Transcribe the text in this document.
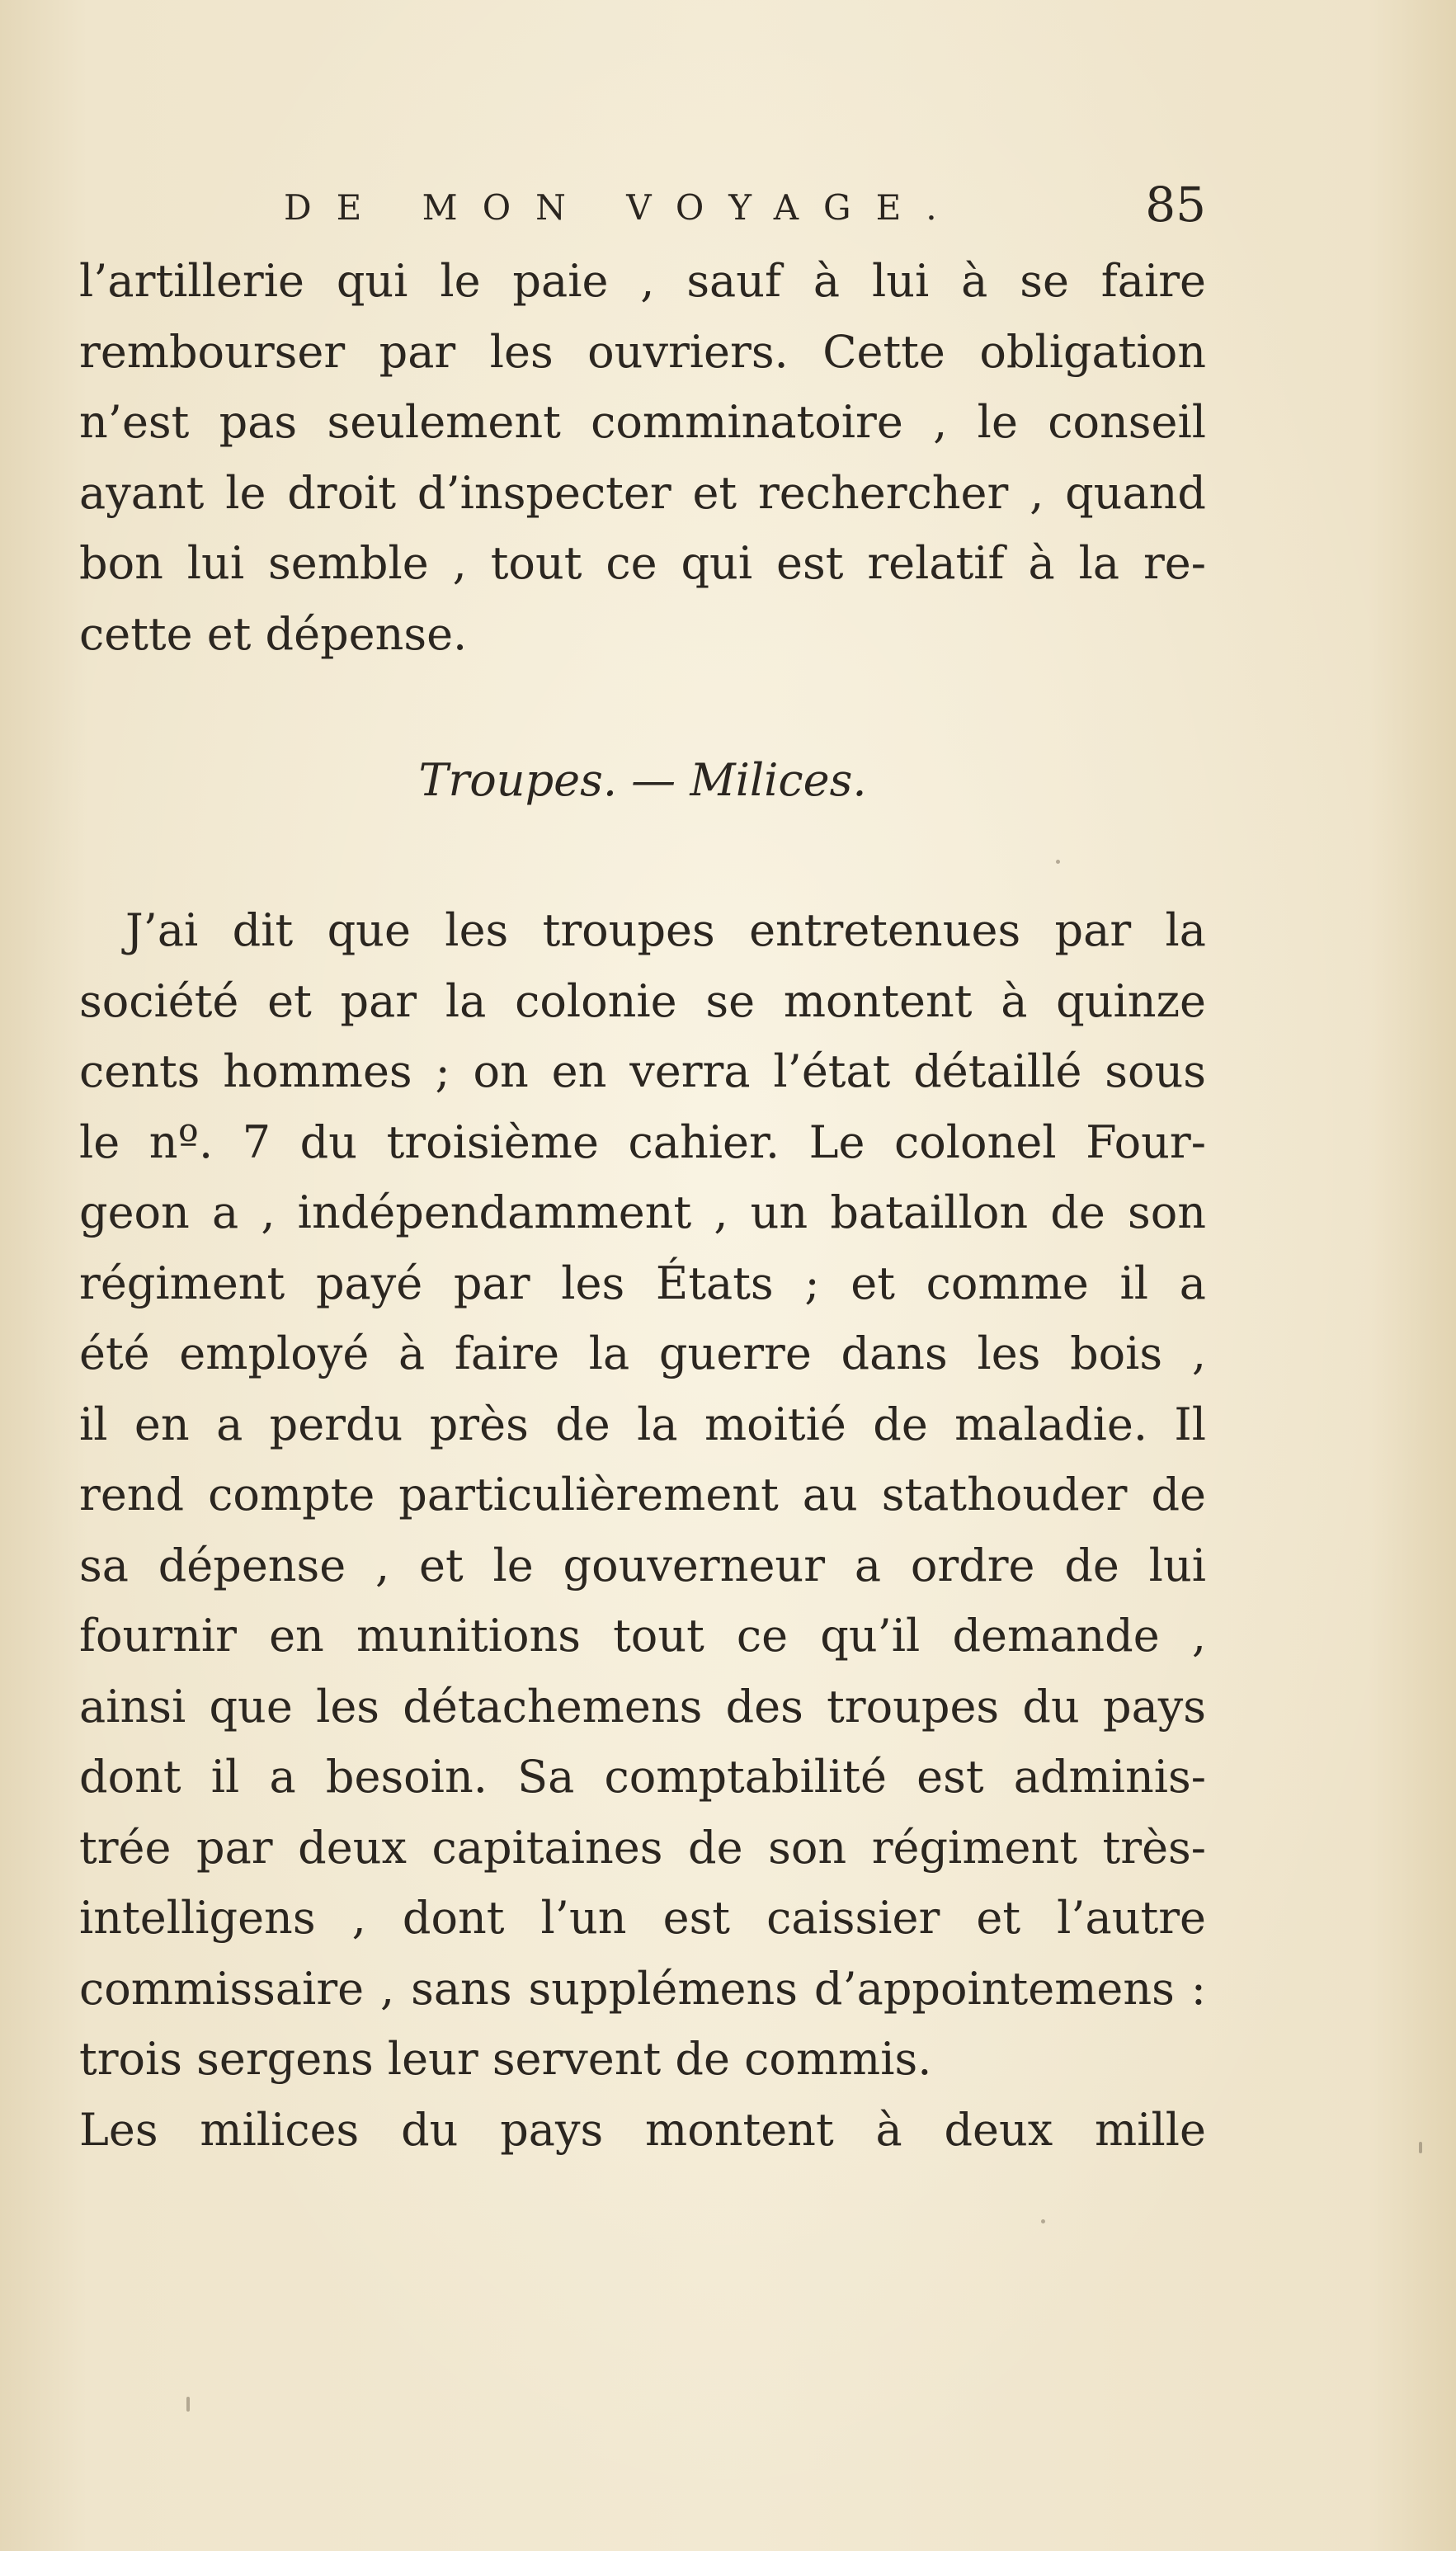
DE MON VOYAGE.	85
l’artillerie qui le paie , sauf à lui à se faire
rembourser par les ouvriers. Cette obligation
n’est pas seulement comminatoire , le conseil
ayant le droit d’inspecter et rechercher , quand
bon lui semble , tout ce qui est relatif à la re-
cette et dépense.
Troupes. — Milices.
J’ai dit que les troupes entretenues par la
société et par la colonie se montent à quinze
cents hommes ; on en verra l’état détaillé sous
le nº. 7 du troisième cahier. Le colonel Four-
geon a , indépendamment , un bataillon de son
régiment payé par les États ; et comme il a
été employé à faire la guerre dans les bois ,
il en a perdu près de la moitié de maladie. Il
rend compte particulièrement au stathouder de
sa dépense , et le gouverneur a ordre de lui
fournir en munitions tout ce qu’il demande ,
ainsi que les détachemens des troupes du pays
dont il a besoin. Sa comptabilité est adminis-
trée par deux capitaines de son régiment très-
intelligens , dont l’un est caissier et l’autre
commissaire , sans supplémens d’appointemens :
trois sergens leur servent de commis.
Les milices du pays montent à deux mille
